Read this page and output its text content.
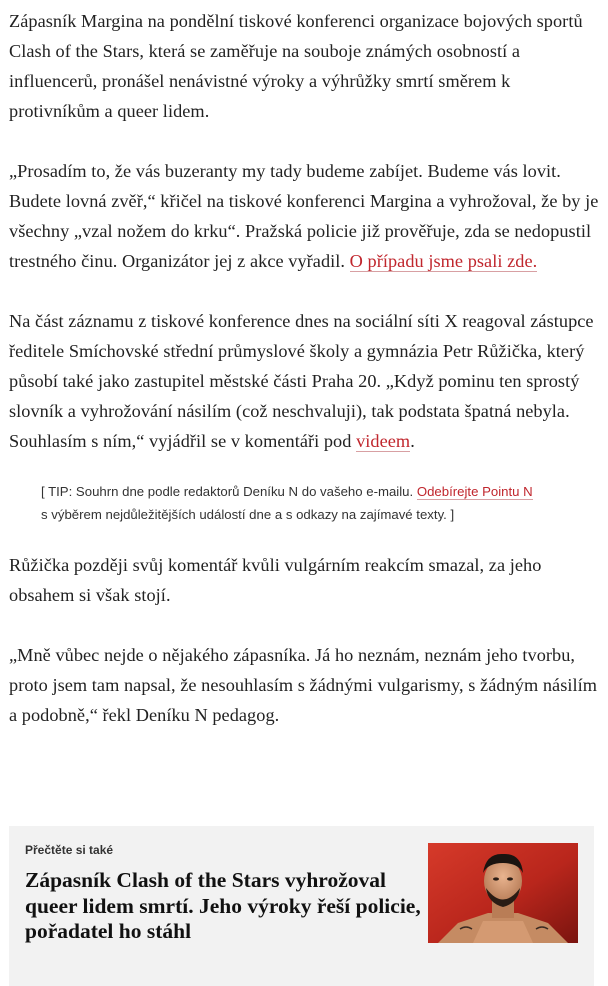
Zápasník Margina na pondělní tiskové konferenci organizace bojových sportů Clash of the Stars, která se zaměřuje na souboje známých osobností a influencerů, pronášel nenávistné výroky a výhrůžky smrtí směrem k protivníkům a queer lidem.

„Prosadím to, že vás buzeranty my tady budeme zabíjet. Budeme vás lovit. Budete lovná zvěř,“ křičel na tiskové konferenci Margina a vyhrožoval, že by je všechny „vzal nožem do krku“. Pražská policie již prověřuje, zda se nedopustil trestného činu. Organizátor jej z akce vyřadil. O případu jsme psali zde.

Na část záznamu z tiskové konference dnes na sociální síti X reagoval zástupce ředitele Smíchovské střední průmyslové školy a gymnázia Petr Růžička, který působí také jako zastupitel městské části Praha 20. „Když pominu ten sprostý slovník a vyhrožování násilím (což neschvaluji), tak podstata špatná nebyla. Souhlasím s ním,“ vyjádřil se v komentáři pod videem.

[ TIP: Souhrn dne podle redaktorů Deníku N do vašeho e-mailu. Odebírejte Pointu N
s výběrem nejdůležitějších událostí dne a s odkazy na zajímavé texty. ]

Růžička později svůj komentář kvůli vulgárním reakcím smazal, za jeho obsahem si však stojí.

„Mně vůbec nejde o nějakého zápasníka. Já ho neznám, neznám jeho tvorbu, proto jsem tam napsal, že nesouhlasím s žádnými vulgarismy, s žádným násilím a podobně,“ řekl Deníku N pedagog.

Přečtěte si také
Zápasník Clash of the Stars vyhrožoval queer lidem smrtí. Jeho výroky řeší policie, pořadatel ho stáhl
